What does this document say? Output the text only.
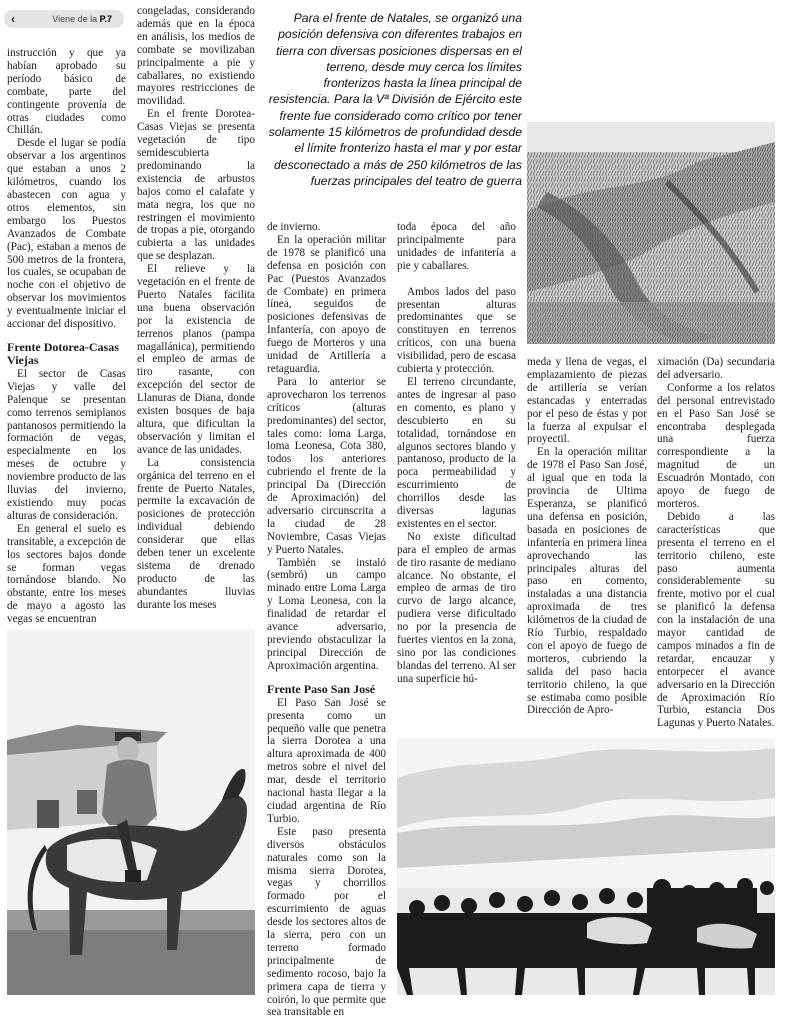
‹	Viene de la P.7	Para el frente de Natales, se organizó una posición defensiva con diferentes trabajos en tierra con diversas posiciones dispersas en el terreno, desde muy cerca los límites fronterizos hasta la línea principal de resistencia. Para la Vª División de Ejército este frente fue considerado como crítico por tener solamente 15 kilómetros de profundidad desde el límite fronterizo hasta el mar y por estar desconectado a más de 250 kilómetros de las fuerzas principales del teatro de guerra

instrucción y que ya habían aprobado su período básico de combate, parte del contingente provenía de otras ciudades como Chillán.

Desde el lugar se podía observar a los argentinos que estaban a unos 2 kilómetros, cuando los abastecen con agua y otros elementos, sin embargo los Puestos Avanzados de Combate (Pac), estaban a menos de 500 metros de la frontera, los cuales, se ocupaban de noche con el objetivo de observar los movimientos y eventualmente iniciar el accionar del dispositivo.

Frente Dotorea-Casas Viejas

El sector de Casas Viejas y valle del Palenque se presentan como terrenos semiplanos pantanosos permitiendo la formación de vegas, especialmente en los meses de octubre y noviembre producto de las lluvias del invierno, existiendo muy pocas alturas de consideración.

En general el suelo es transitable, a excepción de los sectores bajos donde se forman vegas tornándose blando. No obstante, entre los meses de mayo a agosto las vegas se encuentran

congeladas, considerando además que en la época en análisis, los medios de combate se movilizaban principalmente a pie y caballares, no existiendo mayores restricciones de movilidad.

En el frente Dorotea-Casas Viejas se presenta vegetación de tipo semidescubierta predominando la existencia de arbustos bajos como el calafate y mata negra, los que no restringen el movimiento de tropas a pie, otorgando cubierta a las unidades que se desplazan.

El relieve y la vegetación en el frente de Puerto Natales facilita una buena observación por la existencia de terrenos planos (pampa magallánica), permitiendo el empleo de armas de tiro rasante, con excepción del sector de Llanuras de Diana, donde existen bosques de baja altura, que dificultan la observación y limitan el avance de las unidades.

La consistencia orgánica del terreno en el frente de Puerto Natales, permite la excavación de posiciones de protección individual debiendo considerar que ellas deben tener un excelente sistema de drenado producto de las abundantes lluvias durante los meses

de invierno.

En la operación militar de 1978 se planificó una defensa en posición con Pac (Puestos Avanzados de Combate) en primera línea, seguidos de posiciones defensivas de Infantería, con apoyo de fuego de Morteros y una unidad de Artillería a retaguardia.

Para lo anterior se aprovecharon los terrenos críticos (alturas predominantes) del sector, tales como: loma Larga, loma Leonesa, Cota 380, todos los anteriores cubriendo el frente de la principal Da (Dirección de Aproximación) del adversario circunscrita a la ciudad de 28 Noviembre, Casas Viejas y Puerto Natales.

También se instaló (sembró) un campo minado entre Loma Larga y Loma Leonesa, con la finalidad de retardar el avance adversario, previendo obstaculizar la principal Dirección de Aproximación argentina.

Frente Paso San José

El Paso San José se presenta como un pequeño valle que penetra la sierra Dorotea a una altura aproximada de 400 metros sobre el nivel del mar, desde el territorio nacional hasta llegar a la ciudad argentina de Río Turbio.

Este paso presenta diversos obstáculos naturales como son la misma sierra Dorotea, vegas y chorrillos formado por el escurrimiento de aguas desde los sectores altos de la sierra, pero con un terreno formado principalmente de sedimento rocoso, bajo la primera capa de tierra y coirón, lo que permite que sea transitable en

toda época del año principalmente para unidades de infantería a pie y caballares.

Ambos lados del paso presentan alturas predominantes que se constituyen en terrenos críticos, con una buena visibilidad, pero de escasa cubierta y protección.

El terreno circundante, antes de ingresar al paso en comento, es plano y descubierto en su totalidad, tornándose en algunos sectores blando y pantanoso, producto de la poca permeabilidad y escurrimiento de chorrillos desde las diversas lagunas existentes en el sector.

No existe dificultad para el empleo de armas de tiro rasante de mediano alcance. No obstante, el empleo de armas de tiro curvo de largo alcance, pudiera verse dificultado no por la presencia de fuertes vientos en la zona, sino por las condiciones blandas del terreno. Al ser una superficie hú-

meda y llena de vegas, el emplazamiento de piezas de artillería se verían estancadas y enterradas por el peso de éstas y por la fuerza al expulsar el proyectil.

En la operación militar de 1978 el Paso San José, al igual que en toda la provincia de Ultima Esperanza, se planificó una defensa en posición, basada en posiciones de infantería en primera línea aprovechando las principales alturas del paso en comento, instaladas a una distancia aproximada de tres kilómetros de la ciudad de Río Turbio, respaldado con el apoyo de fuego de morteros, cubriendo la salida del paso hacia territorio chileno, la que se estimaba como posible Dirección de Apro-

ximación (Da) secundaria del adversario.

Conforme a los relatos del personal entrevistado en el Paso San José se encontraba desplegada una fuerza correspondiente a la magnitud de un Escuadrón Montado, con apoyo de fuego de morteros.

Debido a las características que presenta el terreno en el territorio chileno, este paso aumenta considerablemente su frente, motivo por el cual se planificó la defensa con la instalación de una mayor cantidad de campos minados a fin de retardar, encauzar y entorpecer el avance adversario en la Dirección de Aproximación Río Turbio, estancia Dos Lagunas y Puerto Natales.
